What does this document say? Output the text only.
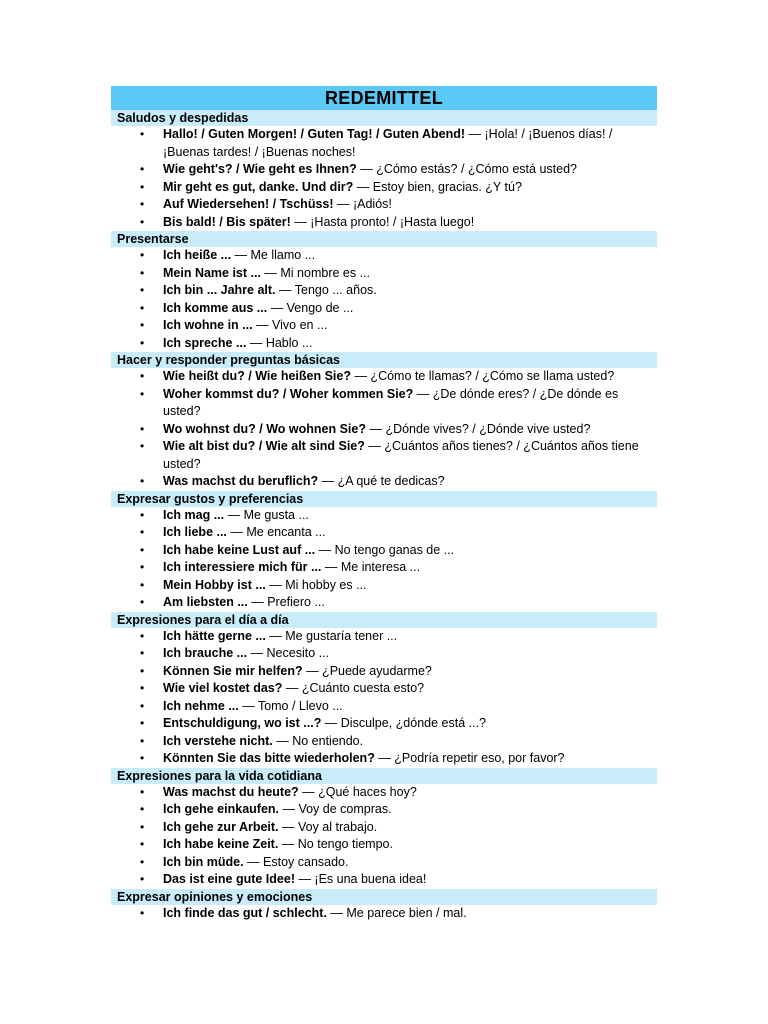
REDEMITTEL
Saludos y despedidas
• Hallo! / Guten Morgen! / Guten Tag! / Guten Abend! — ¡Hola! / ¡Buenos días! / ¡Buenas tardes! / ¡Buenas noches!
• Wie geht's? / Wie geht es Ihnen? — ¿Cómo estás? / ¿Cómo está usted?
• Mir geht es gut, danke. Und dir? — Estoy bien, gracias. ¿Y tú?
• Auf Wiedersehen! / Tschüss! — ¡Adiós!
• Bis bald! / Bis später! — ¡Hasta pronto! / ¡Hasta luego!
Presentarse
• Ich heiße ... — Me llamo ...
• Mein Name ist ... — Mi nombre es ...
• Ich bin ... Jahre alt. — Tengo ... años.
• Ich komme aus ... — Vengo de ...
• Ich wohne in ... — Vivo en ...
• Ich spreche ... — Hablo ...
Hacer y responder preguntas básicas
• Wie heißt du? / Wie heißen Sie? — ¿Cómo te llamas? / ¿Cómo se llama usted?
• Woher kommst du? / Woher kommen Sie? — ¿De dónde eres? / ¿De dónde es usted?
• Wo wohnst du? / Wo wohnen Sie? — ¿Dónde vives? / ¿Dónde vive usted?
• Wie alt bist du? / Wie alt sind Sie? — ¿Cuántos años tienes? / ¿Cuántos años tiene usted?
• Was machst du beruflich? — ¿A qué te dedicas?
Expresar gustos y preferencias
• Ich mag ... — Me gusta ...
• Ich liebe ... — Me encanta ...
• Ich habe keine Lust auf ... — No tengo ganas de ...
• Ich interessiere mich für ... — Me interesa ...
• Mein Hobby ist ... — Mi hobby es ...
• Am liebsten ... — Prefiero ...
Expresiones para el día a día
• Ich hätte gerne ... — Me gustaría tener ...
• Ich brauche ... — Necesito ...
• Können Sie mir helfen? — ¿Puede ayudarme?
• Wie viel kostet das? — ¿Cuánto cuesta esto?
• Ich nehme ... — Tomo / Llevo ...
• Entschuldigung, wo ist ...? — Disculpe, ¿dónde está ...?
• Ich verstehe nicht. — No entiendo.
• Könnten Sie das bitte wiederholen? — ¿Podría repetir eso, por favor?
Expresiones para la vida cotidiana
• Was machst du heute? — ¿Qué haces hoy?
• Ich gehe einkaufen. — Voy de compras.
• Ich gehe zur Arbeit. — Voy al trabajo.
• Ich habe keine Zeit. — No tengo tiempo.
• Ich bin müde. — Estoy cansado.
• Das ist eine gute Idee! — ¡Es una buena idea!
Expresar opiniones y emociones
• Ich finde das gut / schlecht. — Me parece bien / mal.
